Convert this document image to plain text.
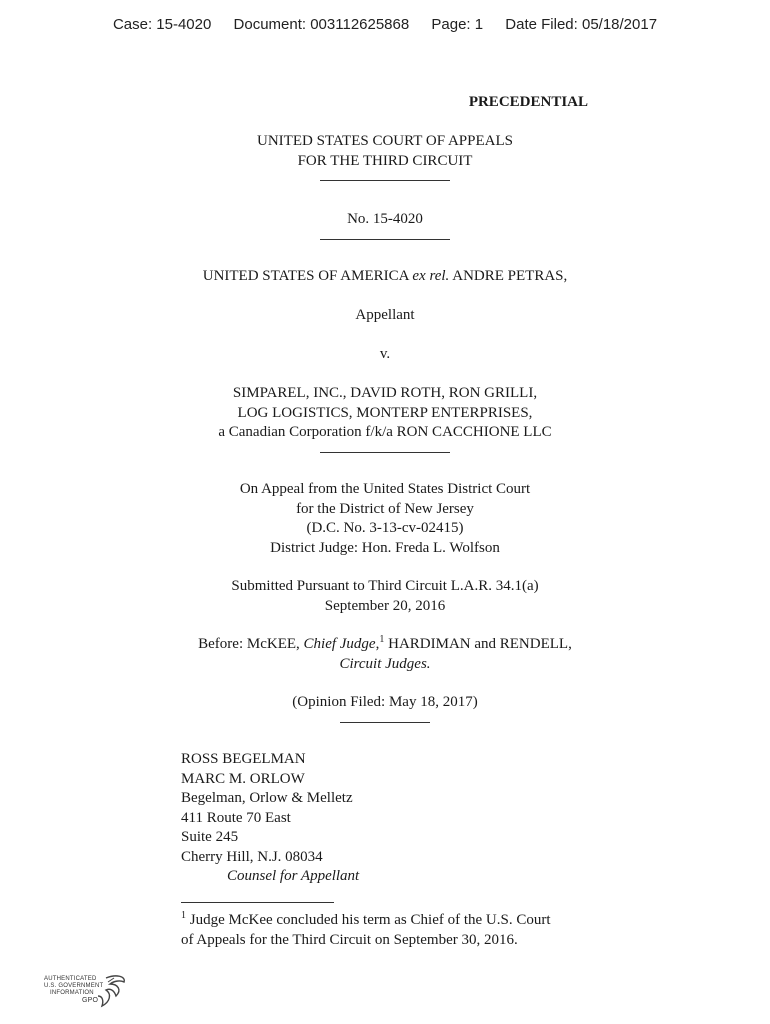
Case: 15-4020 Document: 003112625868 Page: 1 Date Filed: 05/18/2017
PRECEDENTIAL
UNITED STATES COURT OF APPEALS
FOR THE THIRD CIRCUIT
No. 15-4020
UNITED STATES OF AMERICA ex rel. ANDRE PETRAS,
Appellant
v.
SIMPAREL, INC., DAVID ROTH, RON GRILLI,
LOG LOGISTICS, MONTERP ENTERPRISES,
a Canadian Corporation f/k/a RON CACCHIONE LLC
On Appeal from the United States District Court
for the District of New Jersey
(D.C. No. 3-13-cv-02415)
District Judge: Hon. Freda L. Wolfson
Submitted Pursuant to Third Circuit L.A.R. 34.1(a)
September 20, 2016
Before: McKEE, Chief Judge,$^1$ HARDIMAN and RENDELL,
Circuit Judges.
(Opinion Filed: May 18, 2017)
ROSS BEGELMAN
MARC M. ORLOW
Begelman, Orlow & Melletz
411 Route 70 East
Suite 245
Cherry Hill, N.J. 08034
Counsel for Appellant
$^1$ Judge McKee concluded his term as Chief of the U.S. Court
of Appeals for the Third Circuit on September 30, 2016.
AUTHENTICATED
U.S. GOVERNMENT
INFORMATION
GPO
